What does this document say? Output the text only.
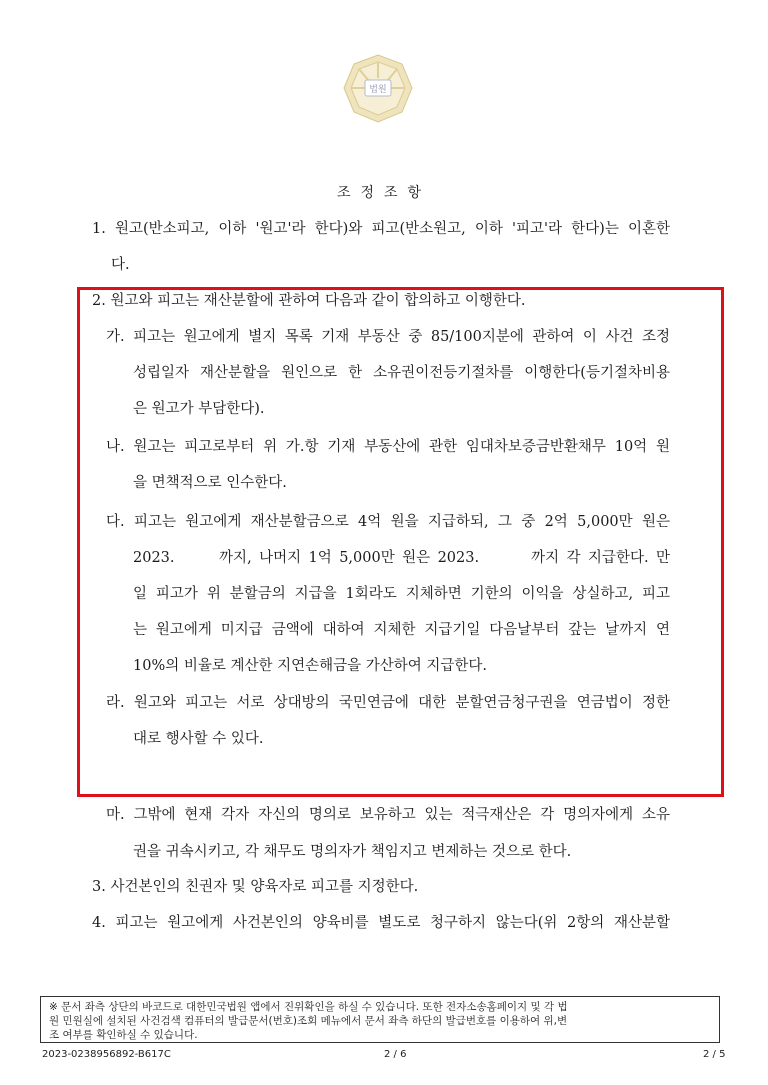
법원
조정조항
1. 원고(반소피고, 이하 '원고'라 한다)와 피고(반소원고, 이하 '피고'라 한다)는 이혼한
다.
2. 원고와 피고는 재산분할에 관하여 다음과 같이 합의하고 이행한다.
가. 피고는 원고에게 별지 목록 기재 부동산 중 85/100지분에 관하여 이 사건 조정
성립일자 재산분할을 원인으로 한 소유권이전등기절차를 이행한다(등기절차비용
은 원고가 부담한다).
나. 원고는 피고로부터 위 가.항 기재 부동산에 관한 임대차보증금반환채무 10억 원
을 면책적으로 인수한다.
다. 피고는 원고에게 재산분할금으로 4억 원을 지급하되, 그 중 2억 5,000만 원은
2023.      까지, 나머지 1억 5,000만 원은 2023.       까지 각 지급한다. 만
일 피고가 위 분할금의 지급을 1회라도 지체하면 기한의 이익을 상실하고, 피고
는 원고에게 미지급 금액에 대하여 지체한 지급기일 다음날부터 갚는 날까지 연
10%의 비율로 계산한 지연손해금을 가산하여 지급한다.
라. 원고와 피고는 서로 상대방의 국민연금에 대한 분할연금청구권을 연금법이 정한
대로 행사할 수 있다.
마. 그밖에 현재 각자 자신의 명의로 보유하고 있는 적극재산은 각 명의자에게 소유
권을 귀속시키고, 각 채무도 명의자가 책임지고 변제하는 것으로 한다.
3. 사건본인의 친권자 및 양육자로 피고를 지정한다.
4. 피고는 원고에게 사건본인의 양육비를 별도로 청구하지 않는다(위 2항의 재산분할

※ 문서 좌측 상단의 바코드로 대한민국법원 앱에서 진위확인을 하실 수 있습니다. 또한 전자소송홈페이지 및 각 법

원 민원실에 설치된 사건검색 컴퓨터의 발급문서(번호)조회 메뉴에서 문서 좌측 하단의 발급번호를 이용하여 위,변

조 여부를 확인하실 수 있습니다.

2023-0238956892-B617C	2 / 6	2 / 5
